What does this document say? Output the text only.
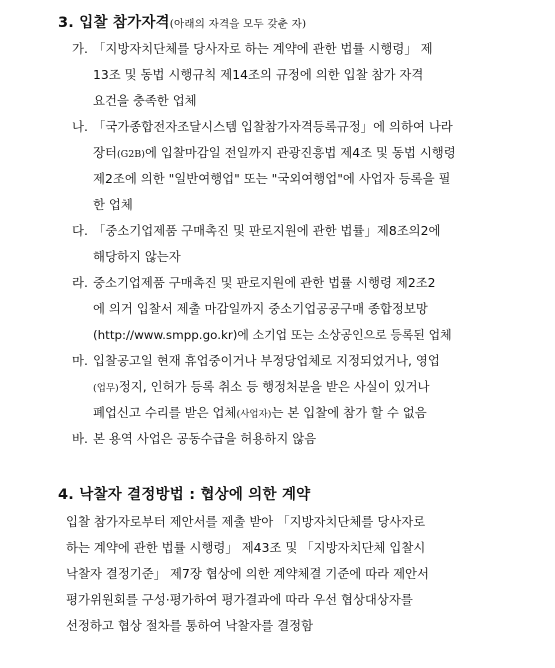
3. 입찰 참가자격(아래의 자격을 모두 갖춘 자)
가. 「지방자치단체를 당사자로 하는 계약에 관한 법률 시행령」 제
13조 및 동법 시행규칙 제14조의 규정에 의한 입찰 참가 자격
요건을 충족한 업체
나. 「국가종합전자조달시스템 입찰참가자격등록규정」에 의하여 나라
장터(G2B)에 입찰마감일 전일까지 관광진흥법 제4조 및 동법 시행령
제2조에 의한 "일반여행업" 또는 "국외여행업"에 사업자 등록을 필
한 업체
다. 「중소기업제품 구매촉진 및 판로지원에 관한 법률」제8조의2에
해당하지 않는자
라. 중소기업제품 구매촉진 및 판로지원에 관한 법률 시행령 제2조2
에 의거 입찰서 제출 마감일까지 중소기업공공구매 종합정보망
(http://www.smpp.go.kr)에 소기업 또는 소상공인으로 등록된 업체
마. 입찰공고일 현재 휴업중이거나 부정당업체로 지정되었거나, 영업
(업무)정지, 인허가 등록 취소 등 행정처분을 받은 사실이 있거나
폐업신고 수리를 받은 업체(사업자)는 본 입찰에 참가 할 수 없음
바. 본 용역 사업은 공동수급을 허용하지 않음
4. 낙찰자 결정방법 : 협상에 의한 계약
입찰 참가자로부터 제안서를 제출 받아 「지방자치단체를 당사자로
하는 계약에 관한 법률 시행령」 제43조 및 「지방자치단체 입찰시
낙찰자 결정기준」 제7장 협상에 의한 계약체결 기준에 따라 제안서
평가위원회를 구성·평가하여 평가결과에 따라 우선 협상대상자를
선정하고 협상 절차를 통하여 낙찰자를 결정함
